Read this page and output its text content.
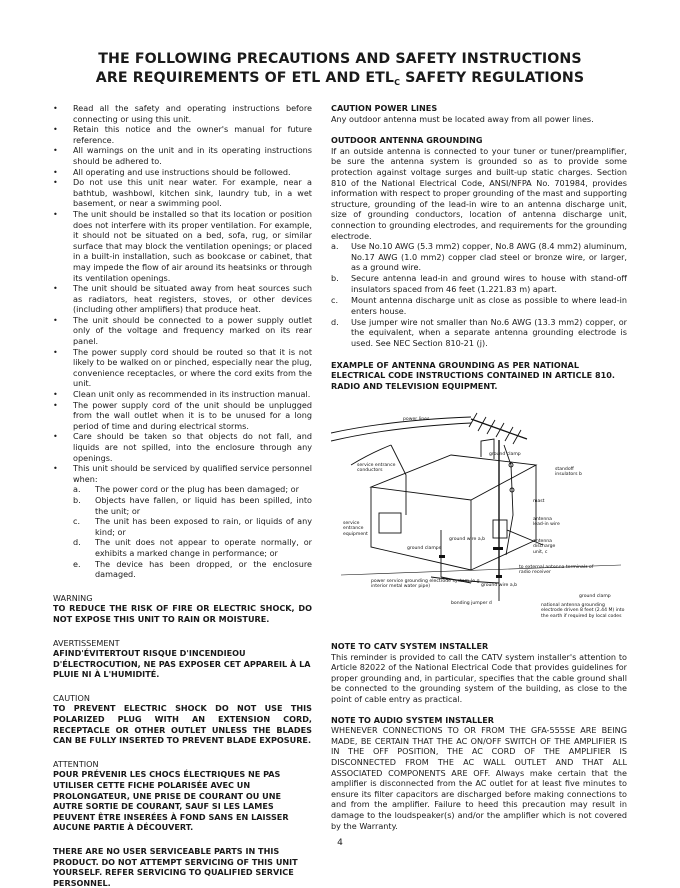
THE FOLLOWING PRECAUTIONS AND SAFETY INSTRUCTIONS
ARE REQUIREMENTS OF ETL AND $ETL_C$ SAFETY REGULATIONS
• Read all the safety and operating instructions before connecting or using this unit.
• Retain this notice and the owner's manual for future reference.
• All warnings on the unit and in its operating instructions should be adhered to.
• All operating and use instructions should be followed.
• Do not use this unit near water. For example, near a bathtub, washbowl, kitchen sink, laundry tub, in a wet basement, or near a swimming pool.
• The unit should be installed so that its location or position does not interfere with its proper ventilation. For example, it should not be situated on a bed, sofa, rug, or similar surface that may block the ventilation openings; or placed in a built-in installation, such as bookcase or cabinet, that may impede the flow of air around its heatsinks or through its ventilation openings.
• The unit should be situated away from heat sources such as radiators, heat registers, stoves, or other devices (including other amplifiers) that produce heat.
• The unit should be connected to a power supply outlet only of the voltage and frequency marked on its rear panel.
• The power supply cord should be routed so that it is not likely to be walked on or pinched, especially near the plug, convenience receptacles, or where the cord exits from the unit.
• Clean unit only as recommended in its instruction manual.
• The power supply cord of the unit should be unplugged from the wall outlet when it is to be unused for a long period of time and during electrical storms.
• Care should be taken so that objects do not fall, and liquids are not spilled, into the enclosure through any openings.
• This unit should be serviced by qualified service personnel when:
a.	The power cord or the plug has been damaged; or
b.	Objects have fallen, or liquid has been spilled, into the unit; or
c.	The unit has been exposed to rain, or liquids of any kind; or
d.	The unit does not appear to operate normally, or exhibits a marked change in performance; or
e.	The device has been dropped, or the enclosure damaged.
WARNING
TO REDUCE THE RISK OF FIRE OR ELECTRIC SHOCK, DO NOT EXPOSE THIS UNIT TO RAIN OR MOISTURE.
AVERTISSEMENT
AFIND'ÉVITERTOUT RISQUE D'INCENDIEOU D'ÉLECTROCUTION, NE PAS EXPOSER CET APPAREIL À LA PLUIE NI À L'HUMIDITÉ.
CAUTION
TO PREVENT ELECTRIC SHOCK DO NOT USE THIS POLARIZED PLUG WITH AN EXTENSION CORD, RECEPTACLE OR OTHER OUTLET UNLESS THE BLADES CAN BE FULLY INSERTED TO PREVENT BLADE EXPOSURE.
ATTENTION
POUR PRÉVENIR LES CHOCS ÉLECTRIQUES NE PAS UTILISER CETTE FICHE POLARISÉE AVEC UN PROLONGATEUR, UNE PRISE DE COURANT OU UNE AUTRE SORTIE DE COURANT, SAUF SI LES LAMES PEUVENT ÊTRE INSERÉES À FOND SANS EN LAISSER AUCUNE PARTIE À DÉCOUVERT.
THERE ARE NO USER SERVICEABLE PARTS IN THIS PRODUCT. DO NOT ATTEMPT SERVICING OF THIS UNIT YOURSELF. REFER SERVICING TO QUALIFIED SERVICE PERSONNEL.
CAUTION POWER LINES
Any outdoor antenna must be located away from all power lines.
OUTDOOR ANTENNA GROUNDING
If an outside antenna is connected to your tuner or tuner/preamplifier, be sure the antenna system is grounded so as to provide some protection against voltage surges and built-up static charges. Section 810 of the National Electrical Code, ANSI/NFPA No. 701984, provides information with respect to proper grounding of the mast and supporting structure, grounding of the lead-in wire to an antenna discharge unit, size of grounding conductors, location of antenna discharge unit, connection to grounding electrodes, and requirements for the grounding electrode.
a.	Use No.10 AWG (5.3 mm2) copper, No.8 AWG (8.4 mm2) aluminum, No.17 AWG (1.0 mm2) copper clad steel or bronze wire, or larger, as a ground wire.
b.	Secure antenna lead-in and ground wires to house with stand-off insulators spaced from 46 feet (1.221.83 m) apart.
c.	Mount antenna discharge unit as close as possible to where lead-in enters house.
d.	Use jumper wire not smaller than No.6 AWG (13.3 mm2) copper, or the equivalent, when a separate antenna grounding electrode is used. See NEC Section 810-21 (j).
EXAMPLE OF ANTENNA GROUNDING AS PER NATIONAL ELECTRICAL CODE INSTRUCTIONS CONTAINED IN ARTICLE 810. RADIO AND TELEVISION EQUIPMENT.
power lines
ground clamp
service entrance conductors	standoff insulators b
mast
antenna lead-in wire
service entrance equipment
ground wire a,b
ground clamps
antenna discharge unit, c
to external antenna terminals of radio receiver
ground wire a,b
power service grounding electrode system (e.g. interior metal water pipe)
ground clamp
bonding jumper d	national antenna grounding electrode driven 8 feet (2.44 M) into the earth if required by local codes
NOTE TO CATV SYSTEM INSTALLER
This reminder is provided to call the CATV system installer's attention to Article 82022 of the National Electrical Code that provides guidelines for proper grounding and, in particular, specifies that the cable ground shall be connected to the grounding system of the building, as close to the point of cable entry as practical.
NOTE TO AUDIO SYSTEM INSTALLER
WHENEVER CONNECTIONS TO OR FROM THE GFA-555SE ARE BEING MADE, BE CERTAIN THAT THE AC ON/OFF SWITCH OF THE AMPLIFIER IS IN THE OFF POSITION, THE AC CORD OF THE AMPLIFIER IS DISCONNECTED FROM THE AC WALL OUTLET AND THAT ALL ASSOCIATED COMPONENTS ARE OFF. Always make certain that the amplifier is disconnected from the AC outlet for at least five minutes to ensure its filter capacitors are discharged before making connections to and from the amplifier. Failure to heed this precaution may result in damage to the loudspeaker(s) and/or the amplifier which is not covered by the Warranty.
4
